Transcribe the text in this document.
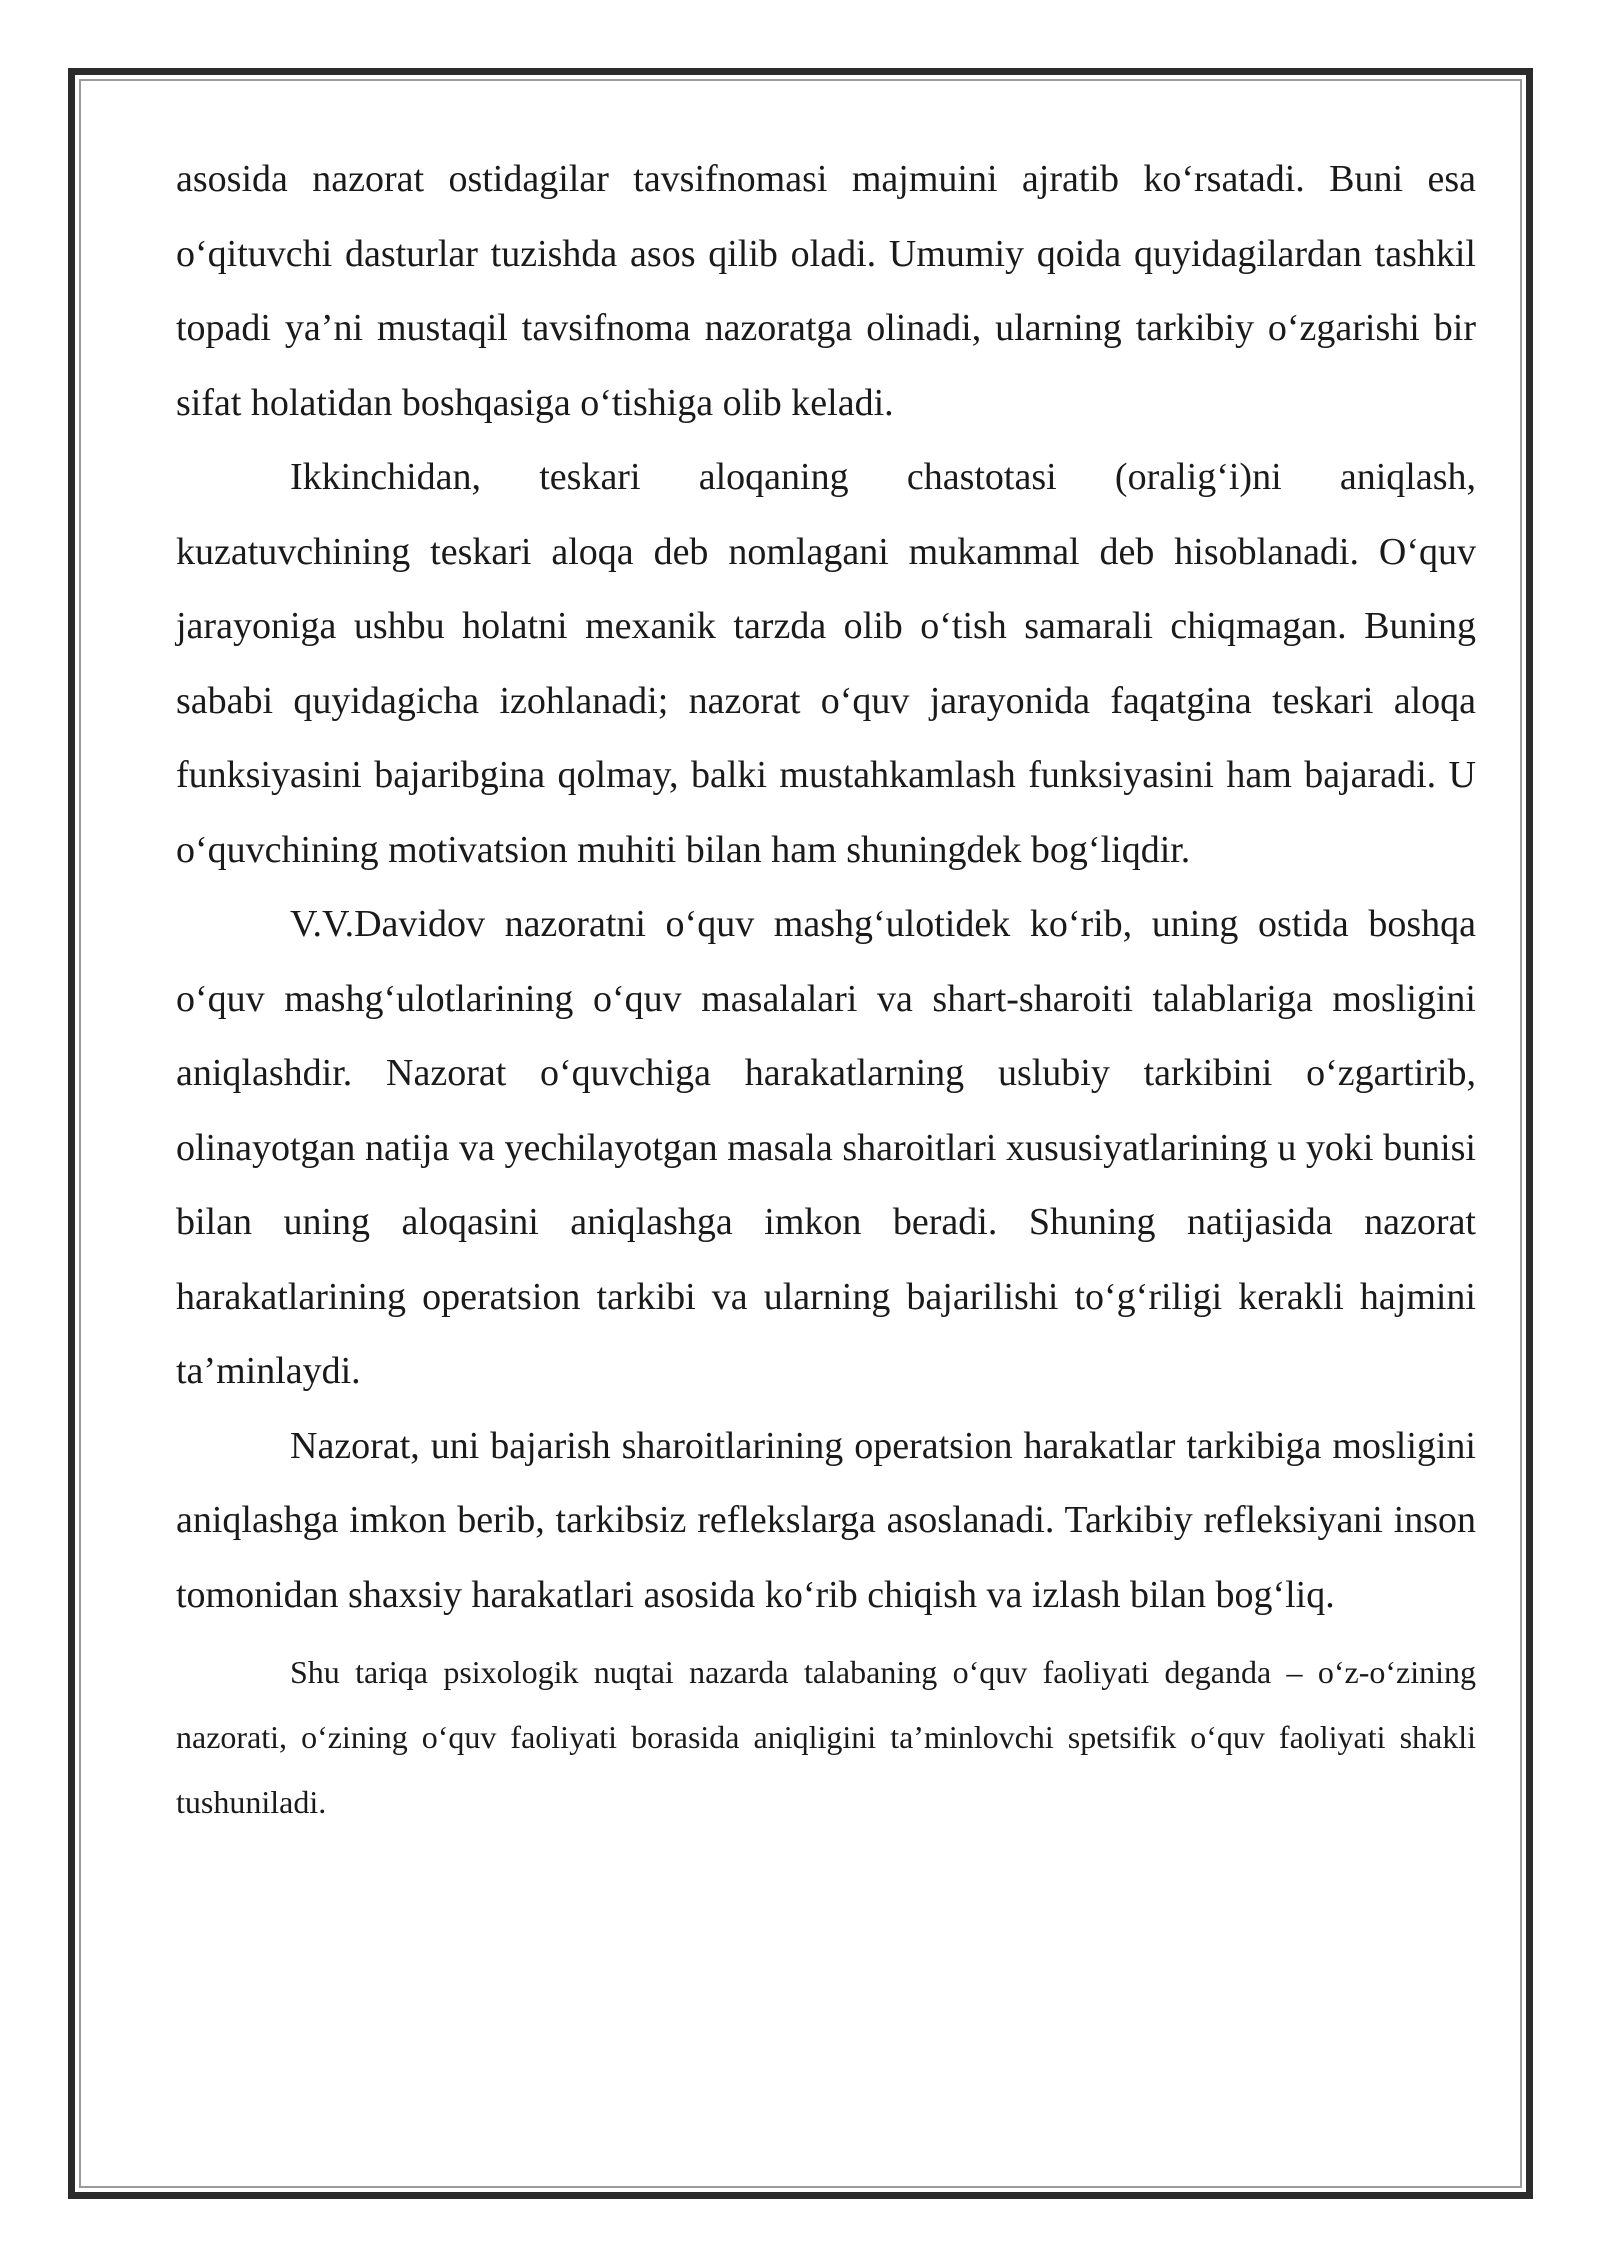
asosida nazorat ostidagilar tavsifnomasi majmuini ajratib ko‘rsatadi. Buni esa o‘qituvchi dasturlar tuzishda asos qilib oladi. Umumiy qoida quyidagilardan tashkil topadi ya’ni mustaqil tavsifnoma nazoratga olinadi, ularning tarkibiy o‘zgarishi bir sifat holatidan boshqasiga o‘tishiga olib keladi.

Ikkinchidan, teskari aloqaning chastotasi (oralig‘i)ni aniqlash, kuzatuvchining teskari aloqa deb nomlagani mukammal deb hisoblanadi. O‘quv jarayoniga ushbu holatni mexanik tarzda olib o‘tish samarali chiqmagan. Buning sababi quyidagicha izohlanadi; nazorat o‘quv jarayonida faqatgina teskari aloqa funksiyasini bajaribgina qolmay, balki mustahkamlash funksiyasini ham bajaradi. U o‘quvchining motivatsion muhiti bilan ham shuningdek bog‘liqdir.

V.V.Davidov nazoratni o‘quv mashg‘ulotidek ko‘rib, uning ostida boshqa o‘quv mashg‘ulotlarining o‘quv masalalari va shart-sharoiti talablariga mosligini aniqlashdir. Nazorat o‘quvchiga harakatlarning uslubiy tarkibini o‘zgartirib, olinayotgan natija va yechilayotgan masala sharoitlari xususiyatlarining u yoki bunisi bilan uning aloqasini aniqlashga imkon beradi. Shuning natijasida nazorat harakatlarining operatsion tarkibi va ularning bajarilishi to‘g‘riligi kerakli hajmini ta’minlaydi.

Nazorat, uni bajarish sharoitlarining operatsion harakatlar tarkibiga mosligini aniqlashga imkon berib, tarkibsiz reflekslarga asoslanadi. Tarkibiy refleksiyani inson tomonidan shaxsiy harakatlari asosida ko‘rib chiqish va izlash bilan bog‘liq.

Shu tariqa psixologik nuqtai nazarda talabaning o‘quv faoliyati deganda – o‘z-o‘zining nazorati, o‘zining o‘quv faoliyati borasida aniqligini ta’minlovchi spetsifik o‘quv faoliyati shakli tushuniladi.
